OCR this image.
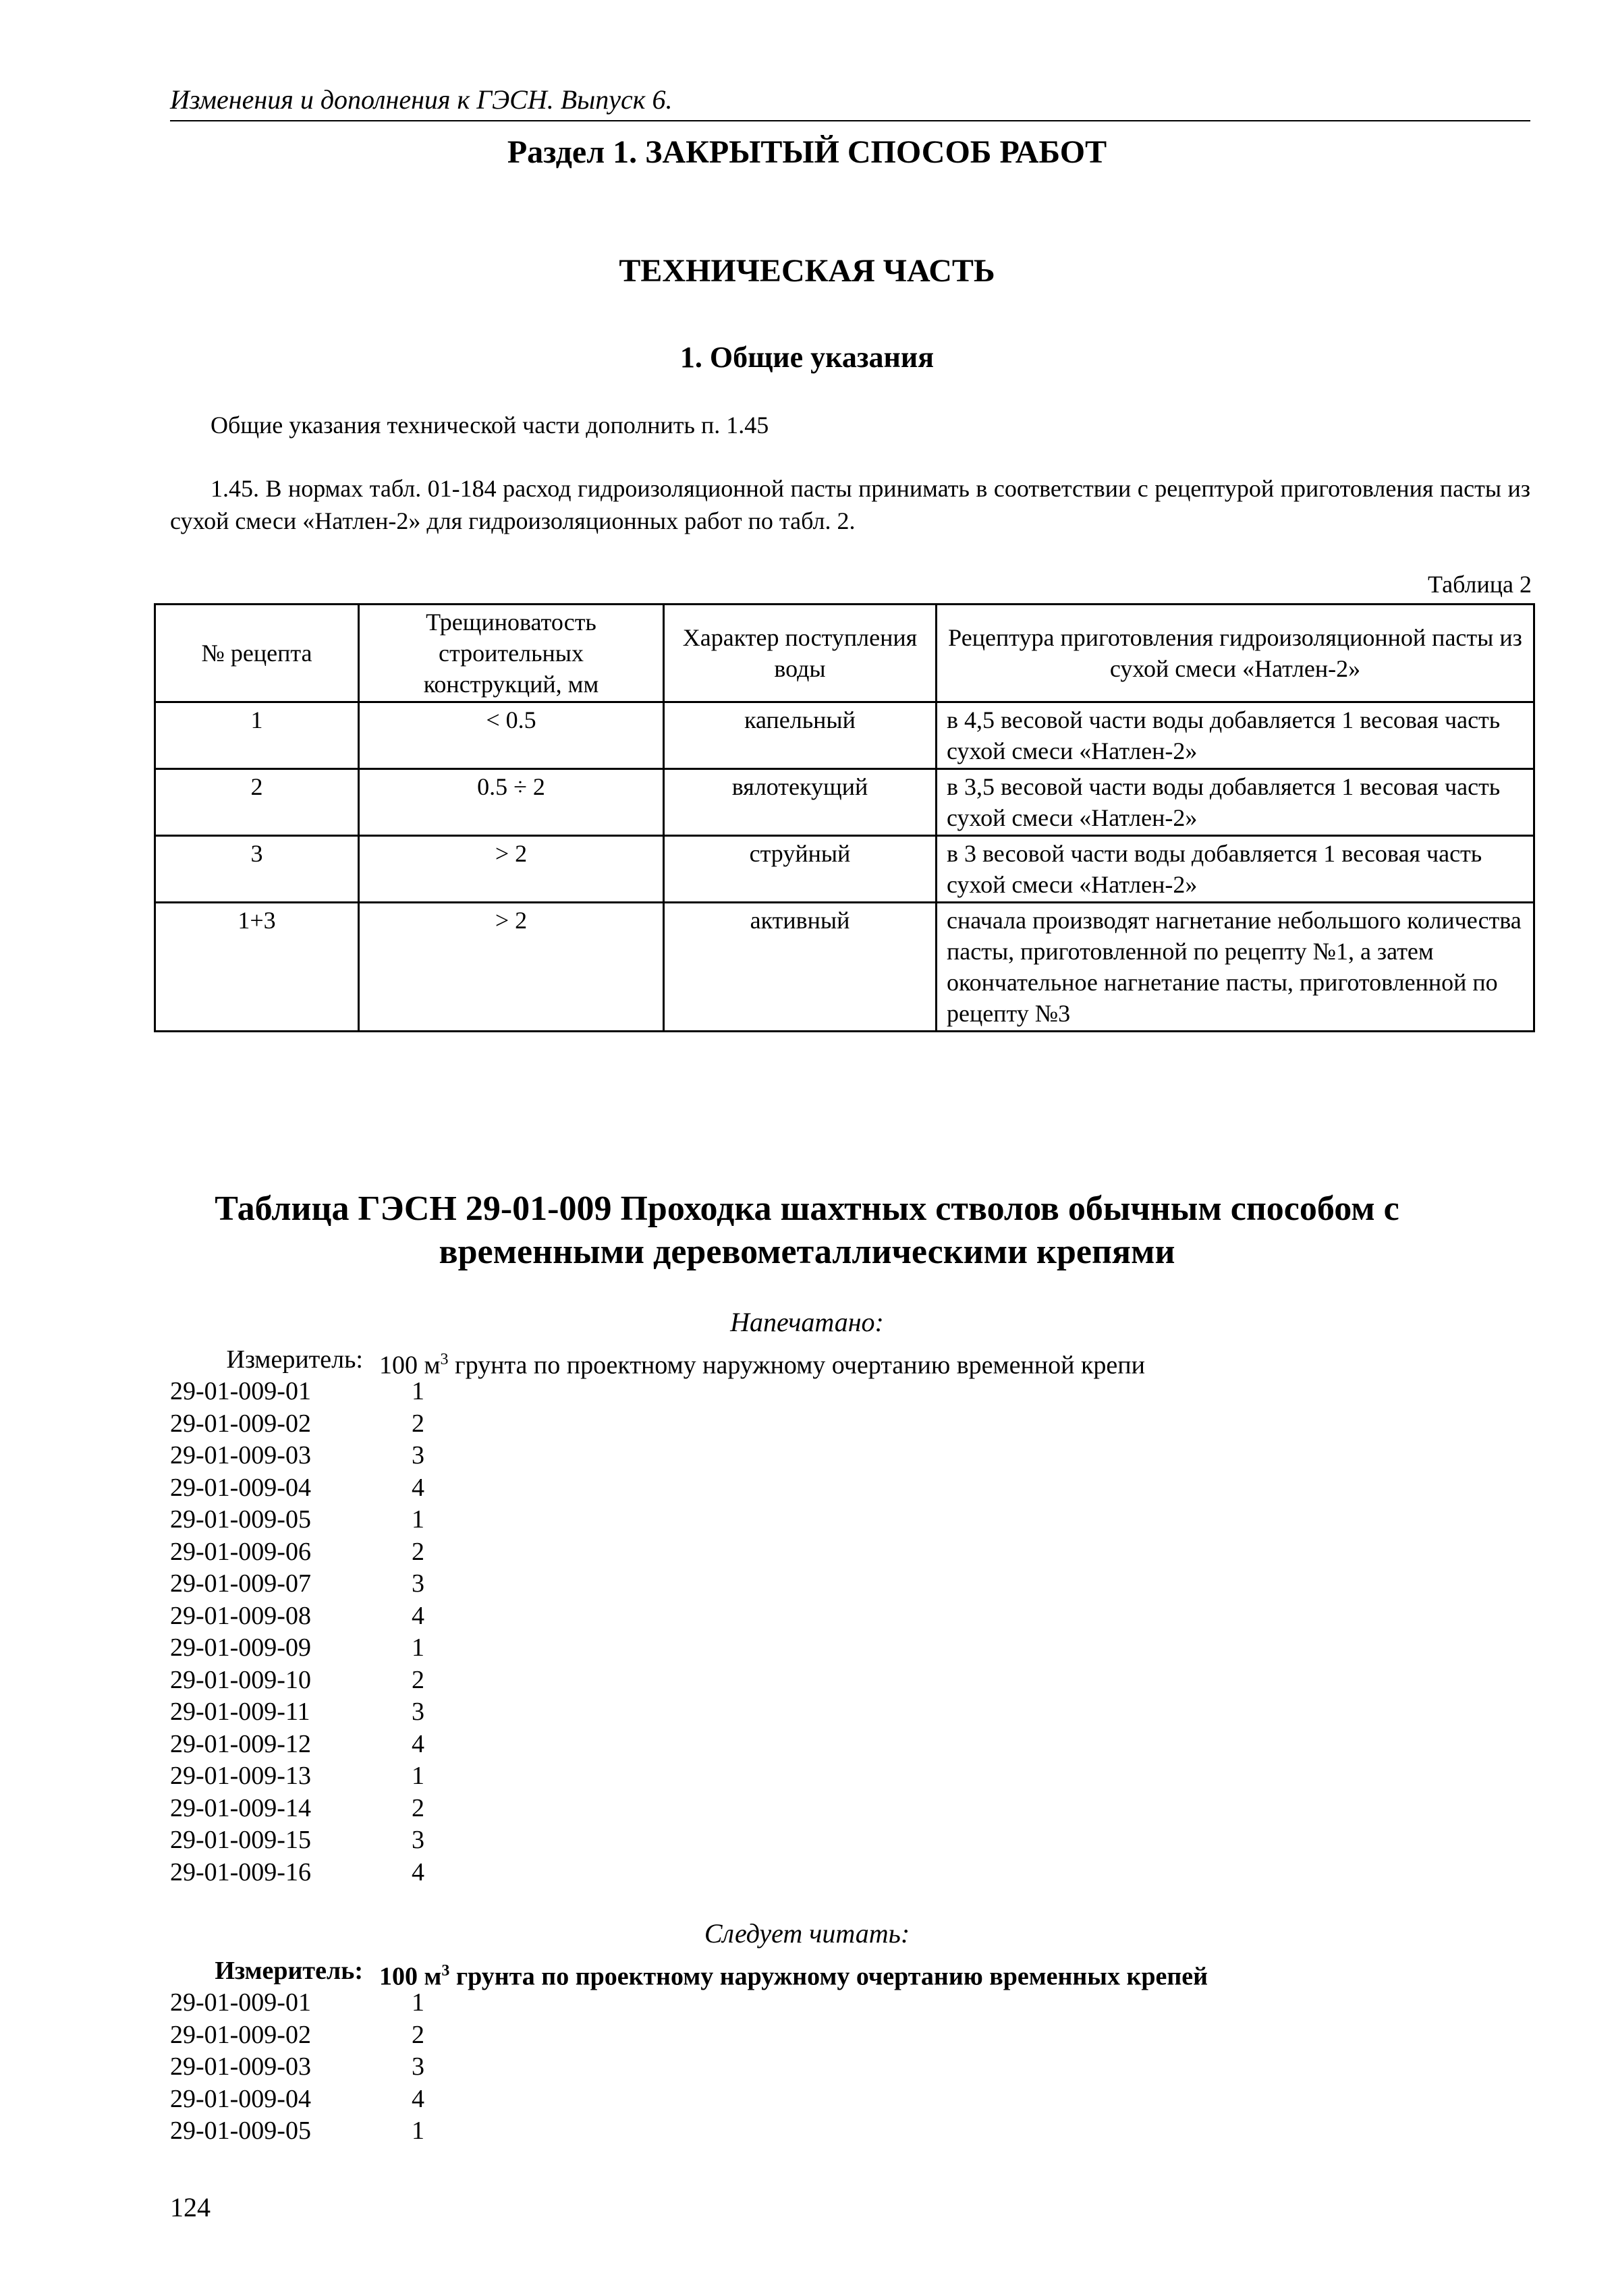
Изменения и дополнения к ГЭСН. Выпуск 6.
Раздел 1. ЗАКРЫТЫЙ СПОСОБ РАБОТ
ТЕХНИЧЕСКАЯ ЧАСТЬ
1. Общие указания
Общие указания технической части дополнить п. 1.45
1.45. В нормах табл. 01-184 расход гидроизоляционной пасты принимать в соответствии с рецептурой приготовления пасты из сухой смеси «Натлен-2» для гидроизоляционных работ по табл. 2.
Таблица 2
№ рецепта	Трещиноватость строительных конструкций, мм	Характер поступления воды	Рецептура приготовления гидроизоляционной пасты из сухой смеси «Натлен-2»
1	< 0.5	капельный	в 4,5 весовой части воды добавляется 1 весовая часть сухой смеси «Натлен-2»
2	0.5 ÷ 2	вялотекущий	в 3,5 весовой части воды добавляется 1 весовая часть сухой смеси «Натлен-2»
3	> 2	струйный	в 3 весовой части воды добавляется 1 весовая часть сухой смеси «Натлен-2»
1+3	> 2	активный	сначала производят нагнетание небольшого количества пасты, приготовленной по рецепту №1, а затем окончательное нагнетание пасты, приготовленной по рецепту №3
Таблица ГЭСН 29-01-009 Проходка шахтных стволов обычным способом с временными деревометаллическими крепями
Напечатано:
Измеритель: 100 $м^3$ грунта по проектному наружному очертанию временной крепи
29-01-009-01	1
29-01-009-02	2
29-01-009-03	3
29-01-009-04	4
29-01-009-05	1
29-01-009-06	2
29-01-009-07	3
29-01-009-08	4
29-01-009-09	1
29-01-009-10	2
29-01-009-11	3
29-01-009-12	4
29-01-009-13	1
29-01-009-14	2
29-01-009-15	3
29-01-009-16	4
Следует читать:
Измеритель: 100 $м^3$ грунта по проектному наружному очертанию временных крепей
29-01-009-01	1
29-01-009-02	2
29-01-009-03	3
29-01-009-04	4
29-01-009-05	1
124
